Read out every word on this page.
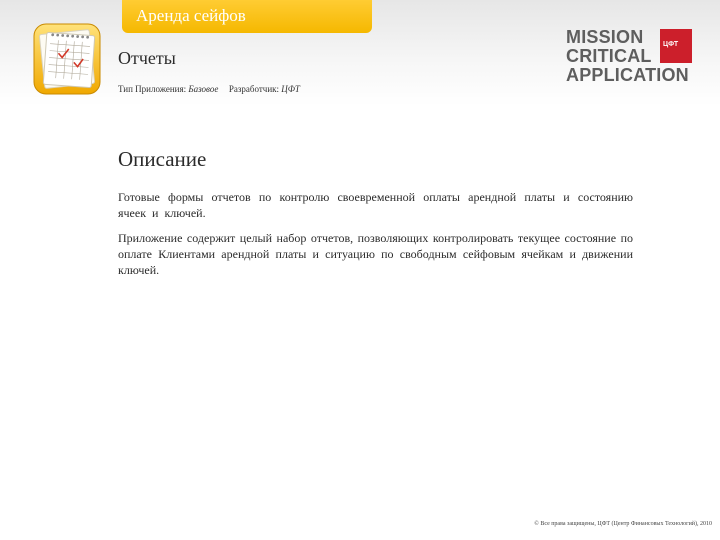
Аренда сейфов
Отчеты
Тип Приложения: Базовое Разработчик: ЦФТ
MISSION
CRITICAL
APPLICATION
ЦФТ
Описание

Готовые формы отчетов по контролю своевременной оплаты арендной платы и состоянию ячеек и ключей.

Приложение содержит целый набор отчетов, позволяющих контролировать текущее состояние по оплате Клиентами арендной платы и ситуацию по свободным сейфовым ячейкам и движении ключей.

© Все права защищены, ЦФТ (Центр Финансовых Технологий), 2010
